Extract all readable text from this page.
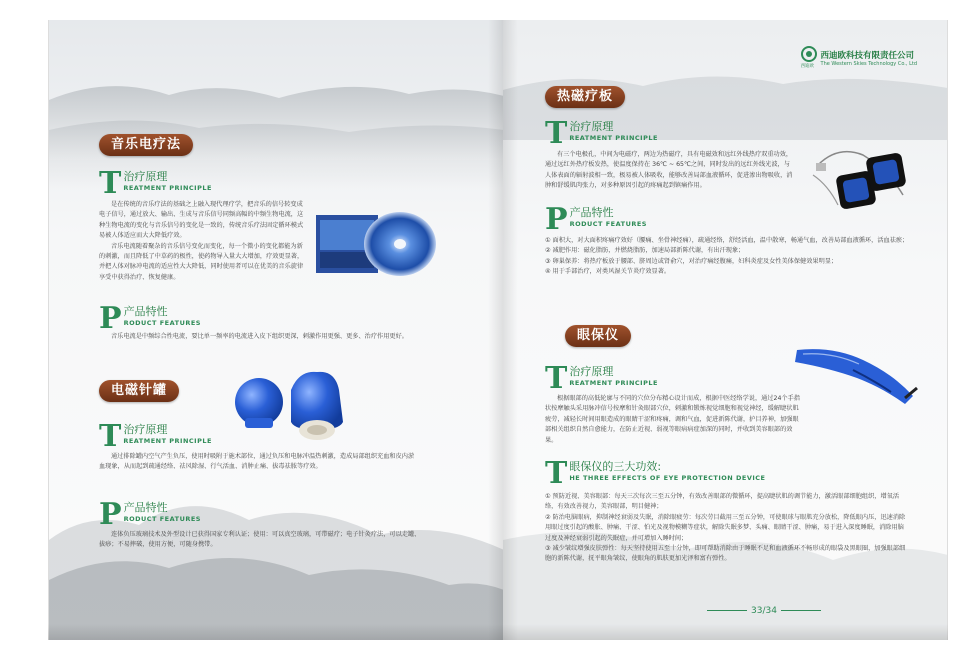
音乐电疗法
T 治疗原理
REATMENT PRINCIPLE

是在传统的音乐疗法的基础之上融入现代理疗学，把音乐的信号转变成电子信号，通过放大、输出、生成与音乐信号同频高幅的中频生物电流，这种生物电流的变化与音乐信号的变化是一致的，传统音乐疗法固定循环模式易被人体适应而大大降低疗效。

音乐电流随着聚杂的音乐信号变化而变化，每一个微小的变化都能为新的刺激，而且降低了中草药的极性，使药物导入量大大增加，疗效更显著，并把人体对脉冲电流的适应性大大降低，同时使用者可以在优美的音乐旋律享受中获得治疗、恢复健康。

P 产品特性
RODUCT FEATURES

音乐电流是中频综合性电流，要比单一频率的电流进入皮下组织更深，刺激作用更强、更多、治疗作用更好。

电磁针罐
T 治疗原理
REATMENT PRINCIPLE

通过排除罐内空气产生负压，使用时吸附于施术部位，通过负压和电脉冲温热刺激，造成局部组织充血和皮内淤血现象，从而起到疏通经络、祛风除湿、行气活血、消肿止痛、拔毒祛脓等疗效。

P 产品特性
RODUCT FEATURES

连体负压玻璃技术及外型设计已获得国家专利认证；使用：可以真空玻璃，可带磁疗；电子针灸疗法，可以走罐、拔痧；不易摔破，使用方便，可随身携带。

西迪欧
西迪欧科技有限责任公司
The Western Skies Technology Co., Ltd
热磁疗板
T 治疗原理
REATMENT PRINCIPLE

有三个电极孔，中间为电磁疗，两边为热磁疗，具有电磁效和远红外线热疗双重功效，通过远红外热疗板发热，使温度保持在 36℃ ~ 65℃之间，同时发出的远红外线光波，与人体表面的辐射波相一致，极易被人体吸收，能够改善局部血液循环，促进渗出物吸收，消肿和舒缓肌肉张力，对多种原因引起的疼痛起到镇痛作用。

P 产品特性
RODUCT FEATURES

① 面积大，对大面积疼痛疗效好（腰痛、坐骨神经痛），疏通经络，舒经活血，温中散寒，畅通气血，改善局部血液循环，活血祛瘀；

② 减肥作用：磁化脂肪，并燃烧脂肪，加速局部新陈代谢，有出汗现象；

③ 卵巢保养：将热疗板放于腰部、脐周边或肾俞穴，对治疗痛经腹痛，妇科炎症及女性美体保健效果明显；

④ 用于手部治疗，对类风湿关节炎疗效显著。

眼保仪
T 治疗原理
REATMENT PRINCIPLE

根据眼部的高低轮廓与不同的穴位分布精心设计而成，根据中医经络学说，通过24个手指状按摩触头采用脉冲信号按摩和针灸眼部穴位，刺激和锻炼视觉细胞和视觉神经，缓解睫状肌疲劳，减轻长时间用眼造成的眼睛干涩和疼痛，调和气血，促进新陈代谢，护目养神，加强眼部相关组织自然自愈能力，在防止近视、弱视等眼病病症加深的同时，并收到美容眼部的效果。

T 眼保仪的三大功效:
HE THREE EFFECTS OF EYE PROTECTION DEVICE

① 预防近视、美容眼部：每天三次每次三至五分钟，有效改善眼部的微循环，提高睫状肌的调节能力，激活眼部细胞组织，增氧活络，有效改善视力，美容眼部，明目健神；

② 防治电脑眼病，抑制神经衰弱及失眠，消除眼疲劳：每次劳目截用三至五分钟，可使眼球与眼肌充分放松，降低眼内压，迅速消除用眼过度引起的酸胀、肿痛、干涩、怕光及视物模糊等症状，解除失眠多梦、头痛、眼睛干涩、肿痛，易于进入深度睡眠，消除用脑过度及神经衰弱引起的失眠症，并可增加入睡时间；

③ 减少皱纹增强皮肤弹性：每天坚持使用五至十分钟，即可帮助消除由于睡眠不足和血液循环不畅形成的眼袋及黑眼圈，加强眼部细胞的新陈代谢，抚平眼角皱纹，使眼角的肌肤更加光泽和富有弹性。

33/34
